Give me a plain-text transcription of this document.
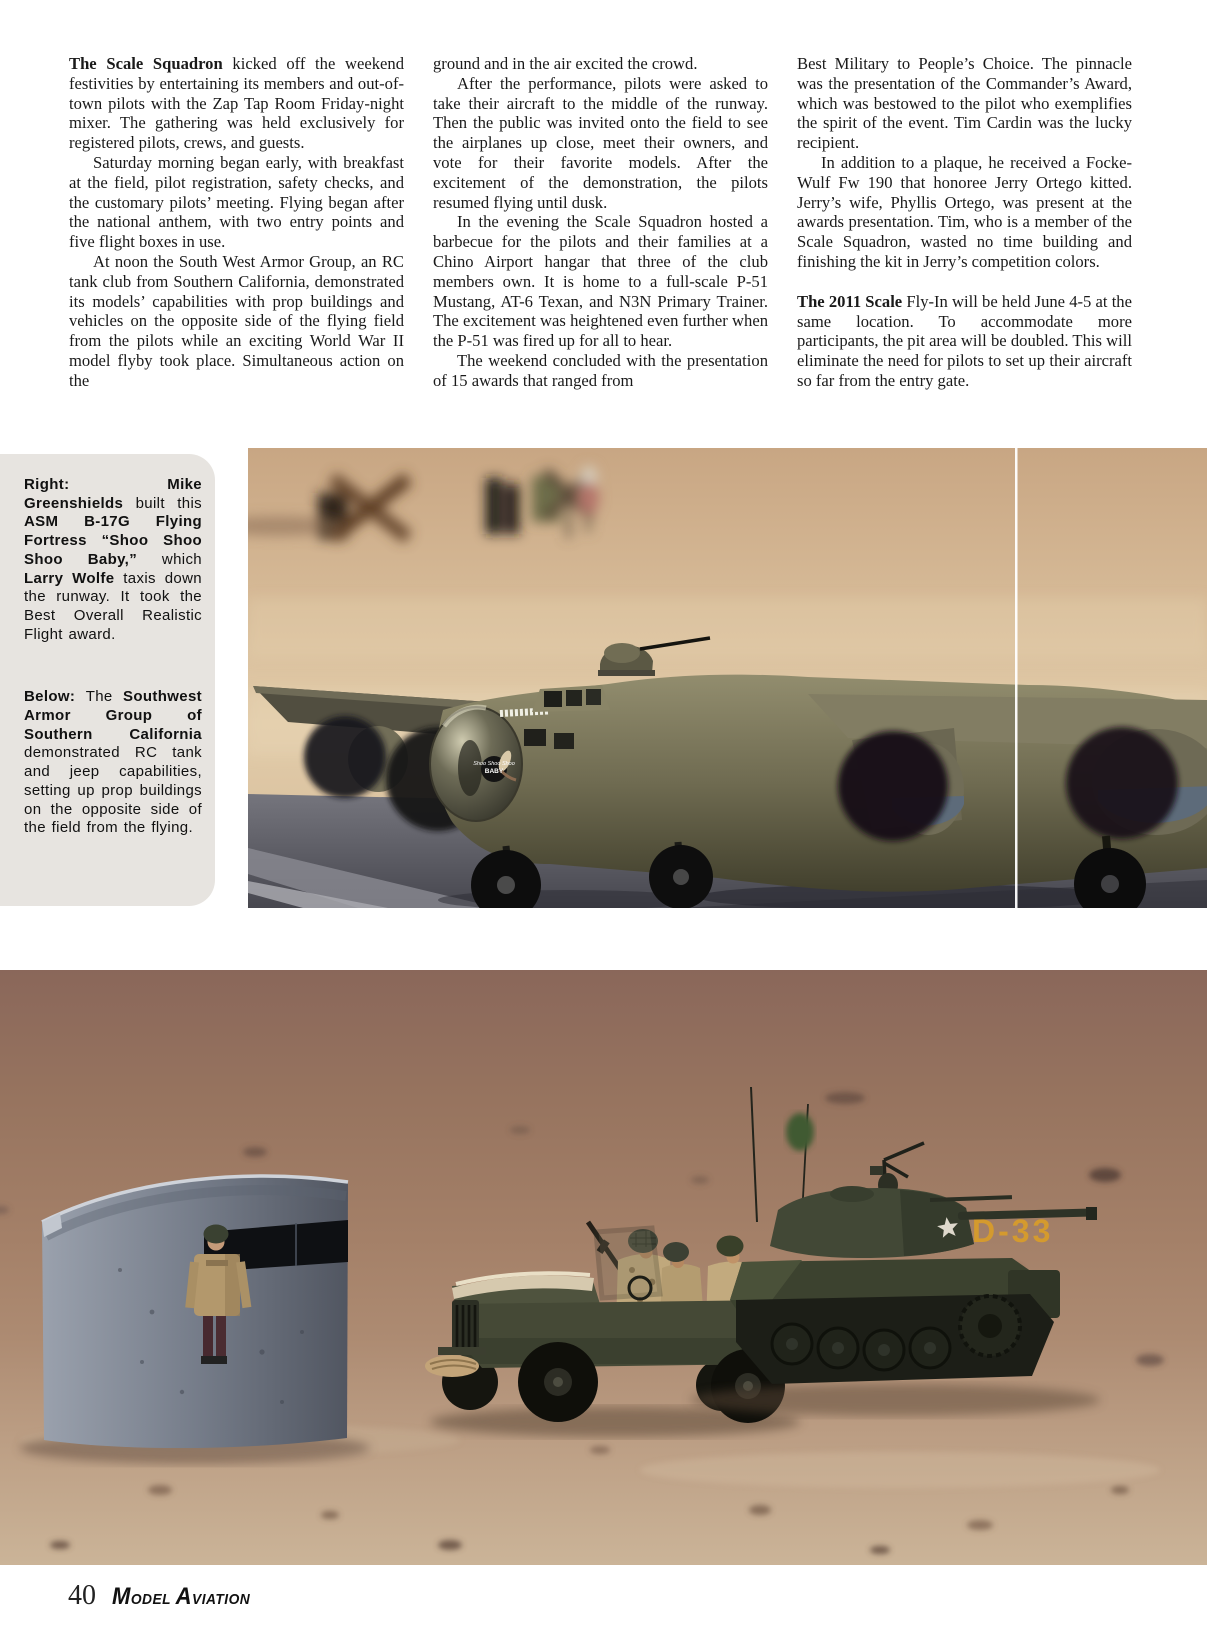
The Scale Squadron kicked off the weekend festivities by entertaining its members and out-of-town pilots with the Zap Tap Room Friday-night mixer. The gathering was held exclusively for registered pilots, crews, and guests.

Saturday morning began early, with breakfast at the field, pilot registration, safety checks, and the customary pilots’ meeting. Flying began after the national anthem, with two entry points and five flight boxes in use.

At noon the South West Armor Group, an RC tank club from Southern California, demonstrated its models’ capabilities with prop buildings and vehicles on the opposite side of the flying field from the pilots while an exciting World War II model flyby took place. Simultaneous action on the

ground and in the air excited the crowd.

After the performance, pilots were asked to take their aircraft to the middle of the runway. Then the public was invited onto the field to see the airplanes up close, meet their owners, and vote for their favorite models. After the excitement of the demonstration, the pilots resumed flying until dusk.

In the evening the Scale Squadron hosted a barbecue for the pilots and their families at a Chino Airport hangar that three of the club members own. It is home to a full-scale P-51 Mustang, AT-6 Texan, and N3N Primary Trainer. The excitement was heightened even further when the P-51 was fired up for all to hear.

The weekend concluded with the presentation of 15 awards that ranged from

Best Military to People’s Choice. The pinnacle was the presentation of the Commander’s Award, which was bestowed to the pilot who exemplifies the spirit of the event. Tim Cardin was the lucky recipient.

In addition to a plaque, he received a Focke-Wulf Fw 190 that honoree Jerry Ortego kitted. Jerry’s wife, Phyllis Ortego, was present at the awards presentation. Tim, who is a member of the Scale Squadron, wasted no time building and finishing the kit in Jerry’s competition colors.

The 2011 Scale Fly-In will be held June 4-5 at the same location. To accommodate more participants, the pit area will be doubled. This will eliminate the need for pilots to set up their aircraft so far from the entry gate.

Right: Mike Greenshields built this ASM B-17G Flying Fortress “Shoo Shoo Shoo Baby,” which Larry Wolfe taxis down the runway. It took the Best Overall Realistic Flight award.

Below: The Southwest Armor Group of Southern California demonstrated RC tank and jeep capabilities, setting up prop buildings on the opposite side of the field from the flying.

Shoo Shoo Shoo
BABY
D-33
40 MODEL AVIATION
